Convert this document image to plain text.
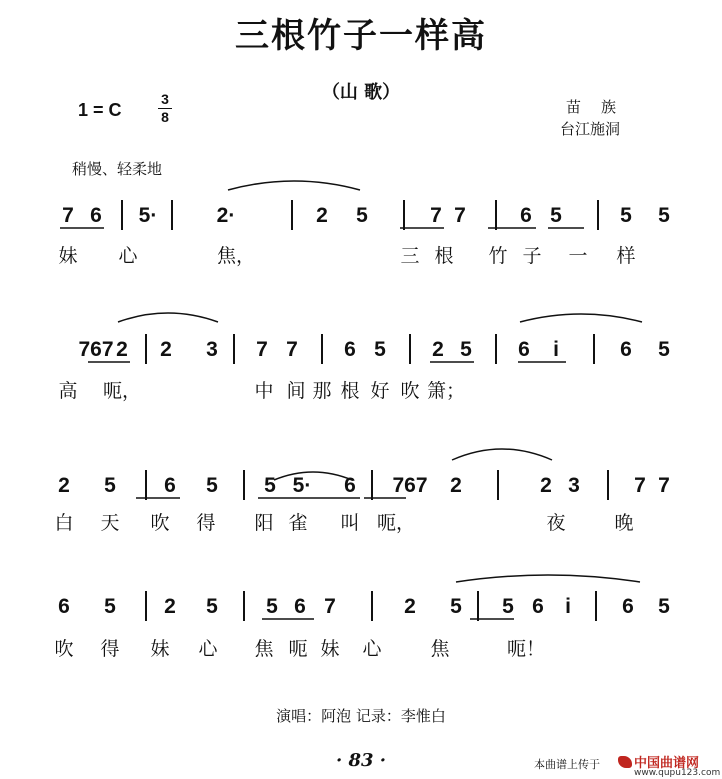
三根竹子一样高
（山 歌）
1 = C
3
8
苗族
台江施洞
稍慢、轻柔地
7 6 5·	2·	2 5	7 7	6 5	5 5
妹 心	焦，	三 根 竹 子 一 样
767 2 2 3 7 7 6 5 2 5 6 i	6 5
高 呃，	中 间 那 根 好 吹 箫；
2 5 6 5 5 5· 6 767 2	2 3	7 7
白 天 吹 得 阳 雀 叫 呃，	夜	晚
6 5 2 5 5 6 7	2 5 5 6 i 6 5
吹 得 妹 心 焦 呃 妹 心	焦	呃！
演唱：阿泡 记录：李惟白
· 83 ·	本曲谱上传于	中国曲谱网
www.qupu123.com
